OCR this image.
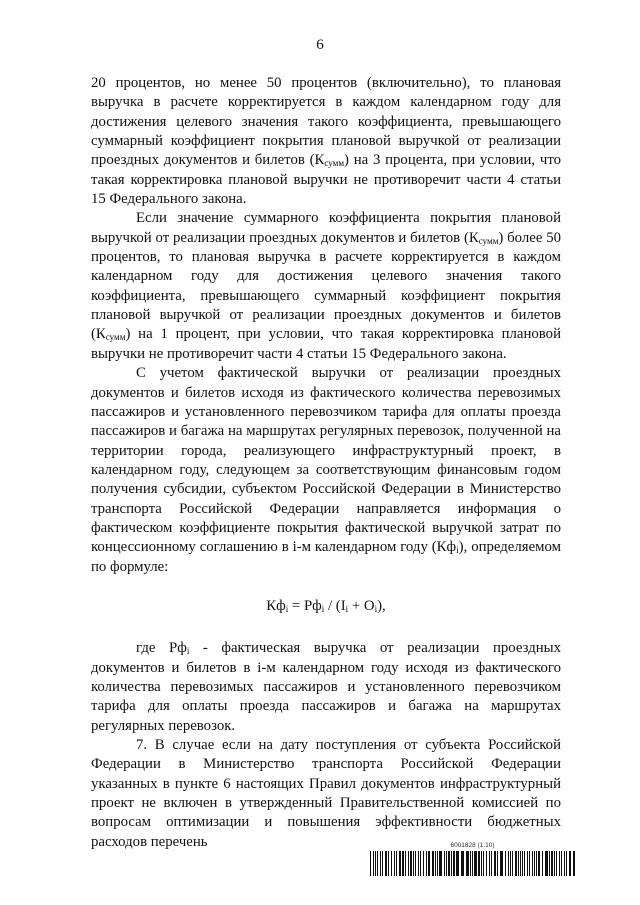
6

20 процентов, но менее 50 процентов (включительно), то плановая выручка в расчете корректируется в каждом календарном году для достижения целевого значения такого коэффициента, превышающего суммарный коэффициент покрытия плановой выручкой от реализации проездных документов и билетов $(К_{сумм})$ на 3 процента, при условии, что такая корректировка плановой выручки не противоречит части 4 статьи 15 Федерального закона.

Если значение суммарного коэффициента покрытия плановой выручкой от реализации проездных документов и билетов $(К_{сумм})$ более 50 процентов, то плановая выручка в расчете корректируется в каждом календарном году для достижения целевого значения такого коэффициента, превышающего суммарный коэффициент покрытия плановой выручкой от реализации проездных документов и билетов $(К_{сумм})$ на 1 процент, при условии, что такая корректировка плановой выручки не противоречит части 4 статьи 15 Федерального закона.

С учетом фактической выручки от реализации проездных документов и билетов исходя из фактического количества перевозимых пассажиров и установленного перевозчиком тарифа для оплаты проезда пассажиров и багажа на маршрутах регулярных перевозок, полученной на территории города, реализующего инфраструктурный проект, в календарном году, следующем за соответствующим финансовым годом получения субсидии, субъектом Российской Федерации в Министерство транспорта Российской Федерации направляется информация о фактическом коэффициенте покрытия фактической выручкой затрат по концессионному соглашению в i-м календарном году $(Кф_i)$, определяемом по формуле:

$Кф_i = Рф_i / (I_i + O_i)$,

где $Рф_i$ - фактическая выручка от реализации проездных документов и билетов в i-м календарном году исходя из фактического количества перевозимых пассажиров и установленного перевозчиком тарифа для оплаты проезда пассажиров и багажа на маршрутах регулярных перевозок.

7. В случае если на дату поступления от субъекта Российской Федерации в Министерство транспорта Российской Федерации указанных в пункте 6 настоящих Правил документов инфраструктурный проект не включен в утвержденный Правительственной комиссией по вопросам оптимизации и повышения эффективности бюджетных расходов перечень	6001828 (1.10)
